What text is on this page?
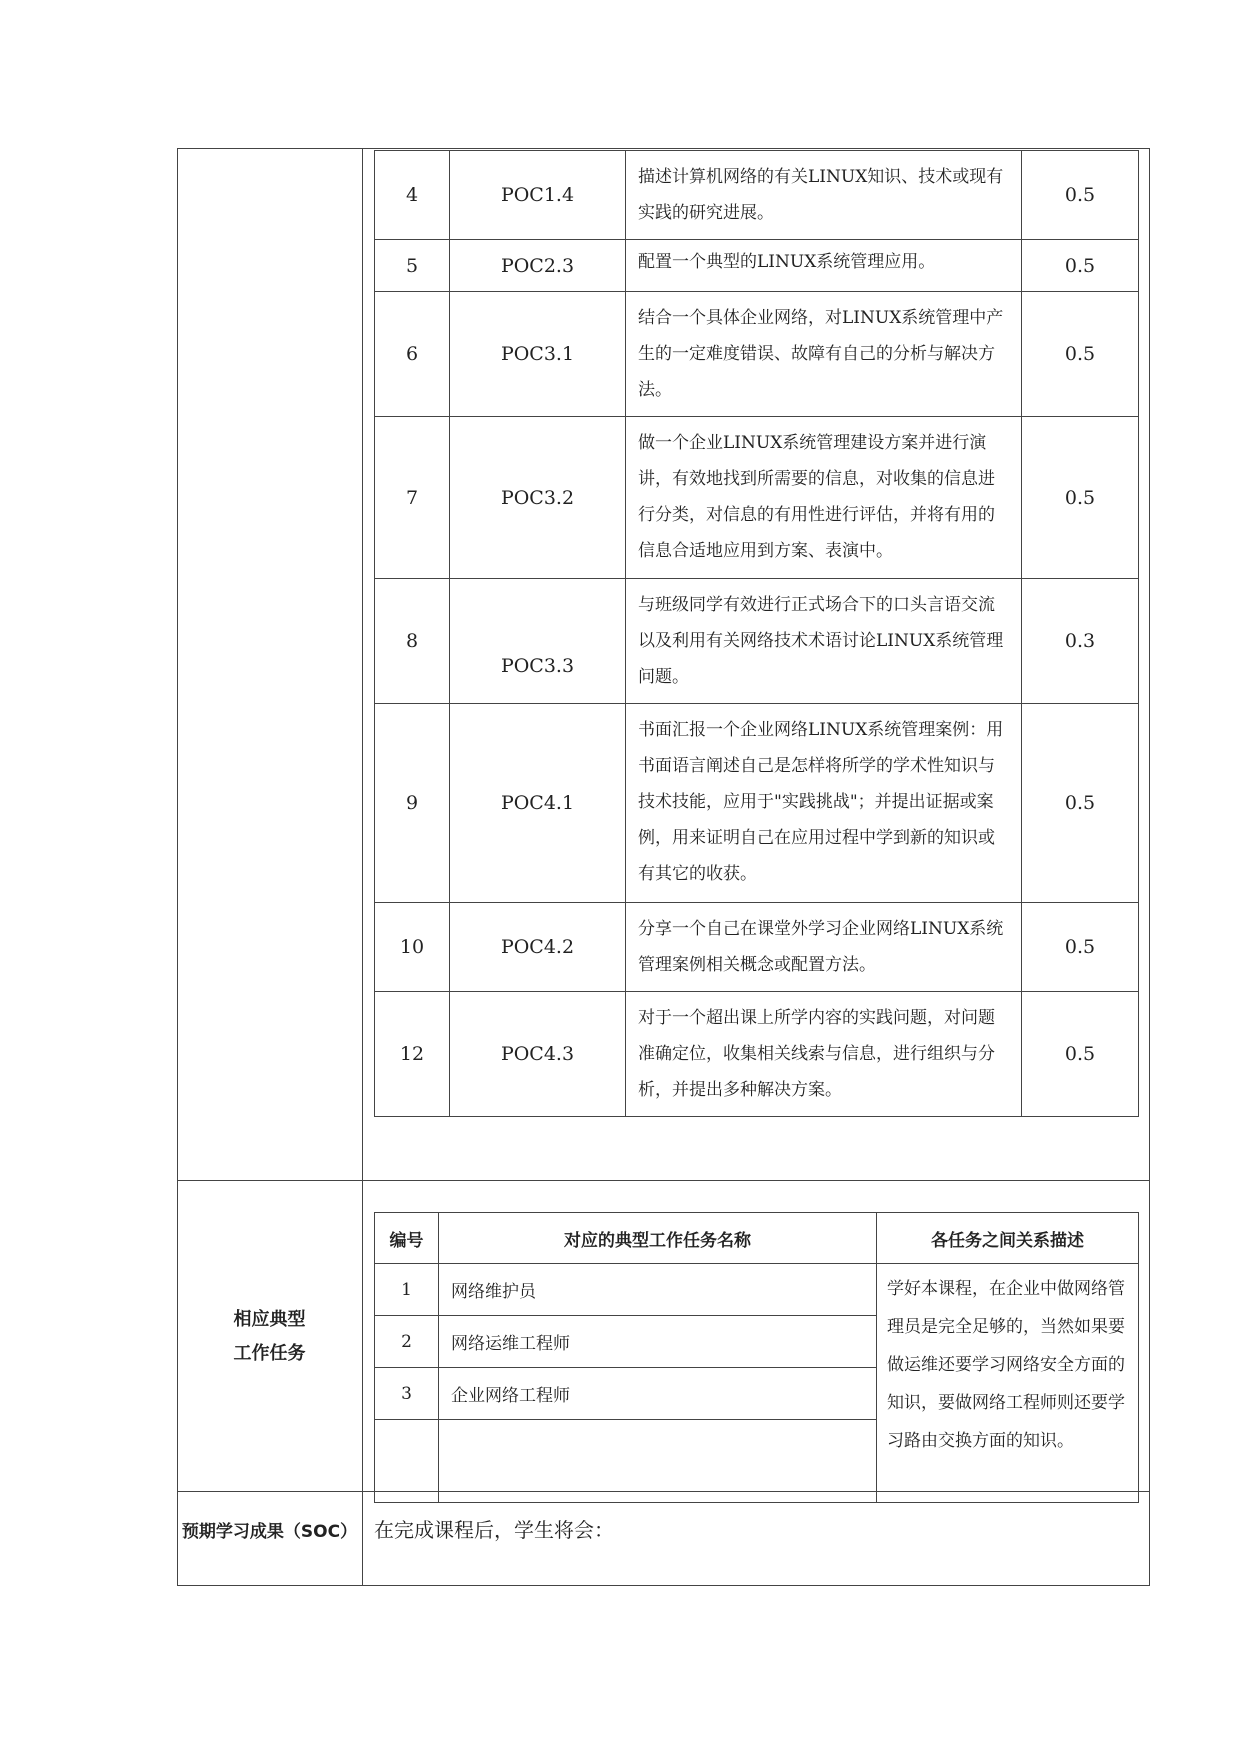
4	POC1.4	描述计算机网络的有关LINUX知识、技术或现有实践的研究进展。	0.5
5	POC2.3	配置一个典型的LINUX系统管理应用。	0.5
6	POC3.1	结合一个具体企业网络，对LINUX系统管理中产生的一定难度错误、故障有自己的分析与解决方法。	0.5
7	POC3.2	做一个企业LINUX系统管理建设方案并进行演讲，有效地找到所需要的信息，对收集的信息进行分类，对信息的有用性进行评估，并将有用的信息合适地应用到方案、表演中。	0.5
8	POC3.3	与班级同学有效进行正式场合下的口头言语交流以及利用有关网络技术术语讨论LINUX系统管理问题。	0.3
9	POC4.1	书面汇报一个企业网络LINUX系统管理案例：用书面语言阐述自己是怎样将所学的学术性知识与技术技能，应用于"实践挑战"；并提出证据或案例，用来证明自己在应用过程中学到新的知识或有其它的收获。	0.5
10	POC4.2	分享一个自己在课堂外学习企业网络LINUX系统管理案例相关概念或配置方法。	0.5
12	POC4.3	对于一个超出课上所学内容的实践问题，对问题准确定位，收集相关线索与信息，进行组织与分析，并提出多种解决方案。	0.5
相应典型
工作任务
编号	对应的典型工作任务名称	各任务之间关系描述
1	网络维护员	学好本课程，在企业中做网络管理员是完全足够的，当然如果要做运维还要学习网络安全方面的知识，要做网络工程师则还要学习路由交换方面的知识。
2	网络运维工程师	
3	企业网络工程师	

预期学习成果（SOC） 在完成课程后，学生将会：
